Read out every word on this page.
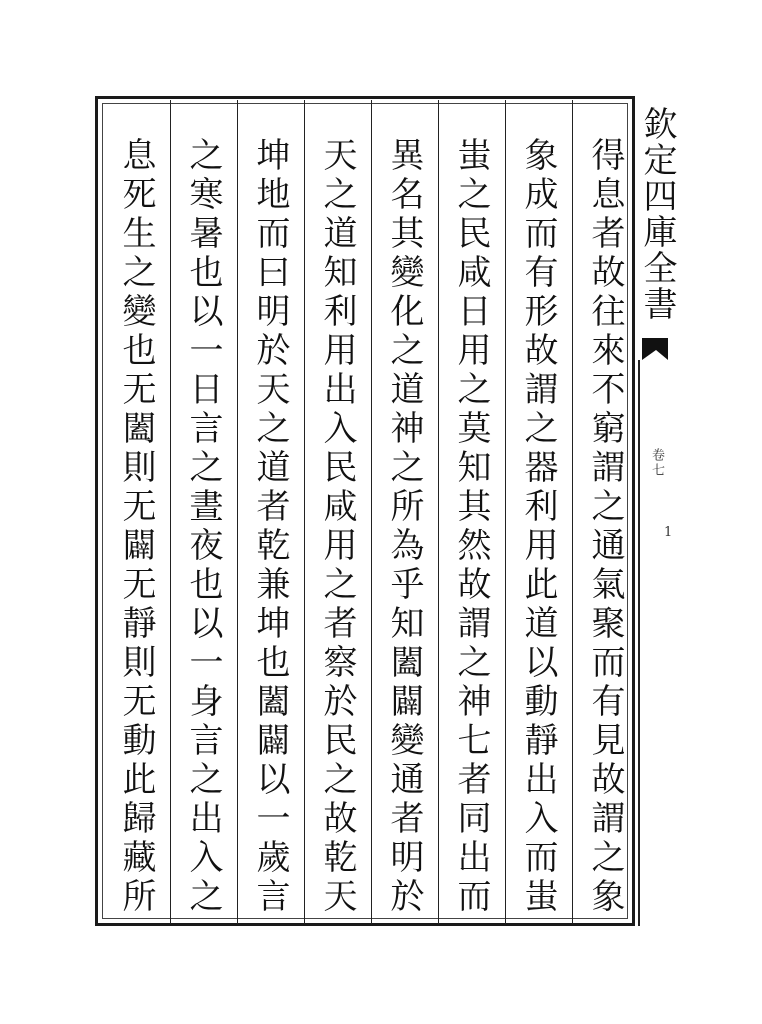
得息者故往來不窮謂之通氣聚而有見故謂之象
象成而有形故謂之器利用此道以動靜出入而蚩
蚩之民咸日用之莫知其然故謂之神七者同出而
異名其變化之道神之所為乎知闔闢變通者明於
天之道知利用出入民咸用之者察於民之故乾天
坤地而曰明於天之道者乾兼坤也闔闢以一歲言
之寒暑也以一日言之晝夜也以一身言之出入之
息死生之變也无闔則无闢无靜則无動此歸藏所	欽定四庫全書
卷七
1
